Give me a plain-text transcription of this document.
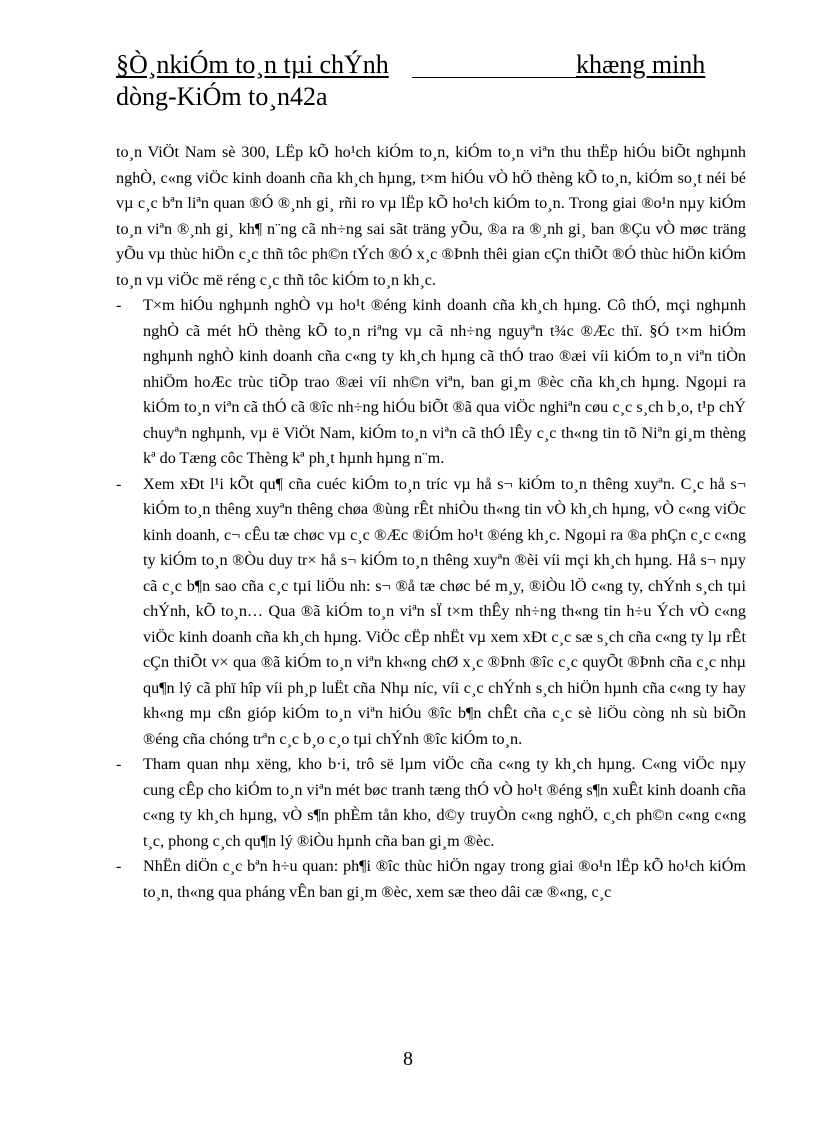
§Ò¸nkiÓm to¸n tµi chÝnh	khæng minh
dòng-KiÓm to¸n42a

to¸n ViÖt Nam sè 300, LËp kÕ ho¹ch kiÓm to¸n, kiÓm to¸n viªn thu thËp hiÓu biÕt nghµnh nghÒ, c«ng viÖc kinh doanh cña kh¸ch hµng, t×m hiÓu vÒ hÖ thèng kÕ to¸n, kiÓm so¸t néi bé vµ c¸c bªn liªn quan ®Ó ®¸nh gi¸ rñi ro vµ lËp kÕ ho¹ch kiÓm to¸n. Trong giai ®o¹n nµy kiÓm to¸n viªn ®¸nh gi¸ kh¶ n¨ng cã nh÷ng sai sãt träng yÕu, ®a ra ®¸nh gi¸ ban ®Çu vÒ møc träng yÕu vµ thùc hiÖn c¸c thñ tôc ph©n tÝch ®Ó x¸c ®Þnh thêi gian cÇn thiÕt ®Ó thùc hiÖn kiÓm to¸n vµ viÖc më réng c¸c thñ tôc kiÓm to¸n kh¸c.

- T×m hiÓu nghµnh nghÒ vµ ho¹t ®éng kinh doanh cña kh¸ch hµng. Cô thÓ, mçi nghµnh nghÒ cã mét hÖ thèng kÕ to¸n riªng vµ cã nh÷ng nguyªn t¾c ®Æc thï. §Ó t×m hiÓm nghµnh nghÒ kinh doanh cña c«ng ty kh¸ch hµng cã thÓ trao ®æi víi kiÓm to¸n viªn tiÒn nhiÖm hoÆc trùc tiÕp trao ®æi víi nh©n viªn, ban gi¸m ®èc cña kh¸ch hµng. Ngoµi ra kiÓm to¸n viªn cã thÓ cã ®îc nh÷ng hiÓu biÕt ®ã qua viÖc nghiªn cøu c¸c s¸ch b¸o, t¹p chÝ chuyªn nghµnh, vµ ë ViÖt Nam, kiÓm to¸n viªn cã thÓ lÊy c¸c th«ng tin tõ Niªn gi¸m thèng kª do Tæng côc Thèng kª ph¸t hµnh hµng n¨m.
- Xem xÐt l¹i kÕt qu¶ cña cuéc kiÓm to¸n tríc vµ hå s¬ kiÓm to¸n thêng xuyªn. C¸c hå s¬ kiÓm to¸n thêng xuyªn thêng chøa ®ùng rÊt nhiÒu th«ng tin vÒ kh¸ch hµng, vÒ c«ng viÖc kinh doanh, c¬ cÊu tæ chøc vµ c¸c ®Æc ®iÓm ho¹t ®éng kh¸c. Ngoµi ra ®a phÇn c¸c c«ng ty kiÓm to¸n ®Òu duy tr× hå s¬ kiÓm to¸n thêng xuyªn ®èi víi mçi kh¸ch hµng. Hå s¬ nµy cã c¸c b¶n sao cña c¸c tµi liÖu nh: s¬ ®å tæ chøc bé m¸y, ®iÒu lÖ c«ng ty, chÝnh s¸ch tµi chÝnh, kÕ to¸n… Qua ®ã kiÓm to¸n viªn sÏ t×m thÊy nh÷ng th«ng tin h÷u Ých vÒ c«ng viÖc kinh doanh cña kh¸ch hµng. ViÖc cËp nhËt vµ xem xÐt c¸c sæ s¸ch cña c«ng ty lµ rÊt cÇn thiÕt v× qua ®ã kiÓm to¸n viªn kh«ng chØ x¸c ®Þnh ®îc c¸c quyÕt ®Þnh cña c¸c nhµ qu¶n lý cã phï hîp víi ph¸p luËt cña Nhµ níc, víi c¸c chÝnh s¸ch hiÖn hµnh cña c«ng ty hay kh«ng mµ cßn gióp kiÓm to¸n viªn hiÓu ®îc b¶n chÊt cña c¸c sè liÖu còng nh sù biÕn ®éng cña chóng trªn c¸c b¸o c¸o tµi chÝnh ®îc kiÓm to¸n.
- Tham quan nhµ xëng, kho b·i, trô së lµm viÖc cña c«ng ty kh¸ch hµng. C«ng viÖc nµy cung cÊp cho kiÓm to¸n viªn mét bøc tranh tæng thÓ vÒ ho¹t ®éng s¶n xuÊt kinh doanh cña c«ng ty kh¸ch hµng, vÒ s¶n phÈm tån kho, d©y truyÒn c«ng nghÖ, c¸ch ph©n c«ng c«ng t¸c, phong c¸ch qu¶n lý ®iÒu hµnh cña ban gi¸m ®èc.
- NhËn diÖn c¸c bªn h÷u quan: ph¶i ®îc thùc hiÖn ngay trong giai ®o¹n lËp kÕ ho¹ch kiÓm to¸n, th«ng qua pháng vÊn ban gi¸m ®èc, xem sæ theo dâi cæ ®«ng, c¸c
8
